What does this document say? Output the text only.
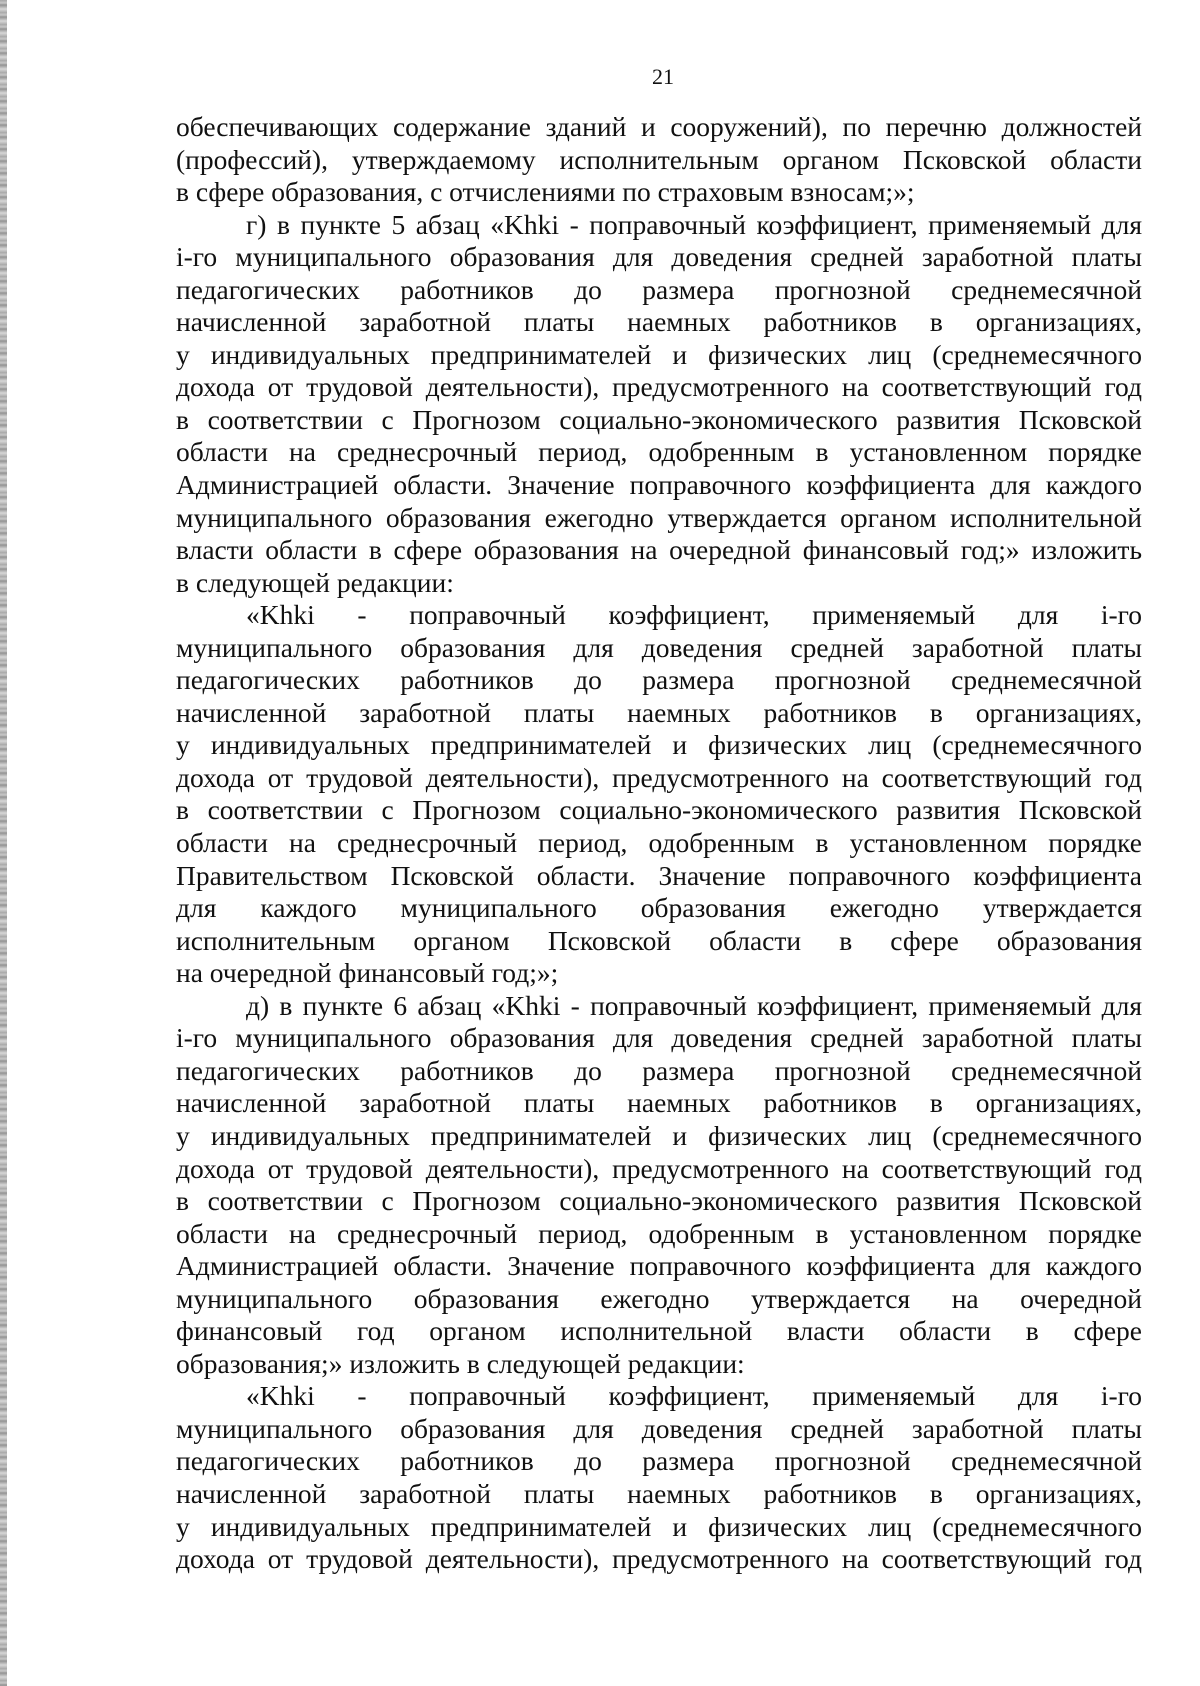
21
обеспечивающих содержание зданий и сооружений), по перечню должностей
(профессий), утверждаемому исполнительным органом Псковской области
в сфере образования, с отчислениями по страховым взносам;»;
г) в пункте 5 абзац «Khki - поправочный коэффициент, применяемый для
i-го муниципального образования для доведения средней заработной платы
педагогических работников до размера прогнозной среднемесячной
начисленной заработной платы наемных работников в организациях,
у индивидуальных предпринимателей и физических лиц (среднемесячного
дохода от трудовой деятельности), предусмотренного на соответствующий год
в соответствии с Прогнозом социально-экономического развития Псковской
области на среднесрочный период, одобренным в установленном порядке
Администрацией области. Значение поправочного коэффициента для каждого
муниципального образования ежегодно утверждается органом исполнительной
власти области в сфере образования на очередной финансовый год;» изложить
в следующей редакции:
«Khki - поправочный коэффициент, применяемый для i-го
муниципального образования для доведения средней заработной платы
педагогических работников до размера прогнозной среднемесячной
начисленной заработной платы наемных работников в организациях,
у индивидуальных предпринимателей и физических лиц (среднемесячного
дохода от трудовой деятельности), предусмотренного на соответствующий год
в соответствии с Прогнозом социально-экономического развития Псковской
области на среднесрочный период, одобренным в установленном порядке
Правительством Псковской области. Значение поправочного коэффициента
для каждого муниципального образования ежегодно утверждается
исполнительным органом Псковской области в сфере образования
на очередной финансовый год;»;
д) в пункте 6 абзац «Khki - поправочный коэффициент, применяемый для
i-го муниципального образования для доведения средней заработной платы
педагогических работников до размера прогнозной среднемесячной
начисленной заработной платы наемных работников в организациях,
у индивидуальных предпринимателей и физических лиц (среднемесячного
дохода от трудовой деятельности), предусмотренного на соответствующий год
в соответствии с Прогнозом социально-экономического развития Псковской
области на среднесрочный период, одобренным в установленном порядке
Администрацией области. Значение поправочного коэффициента для каждого
муниципального образования ежегодно утверждается на очередной
финансовый год органом исполнительной власти области в сфере
образования;» изложить в следующей редакции:
«Khki - поправочный коэффициент, применяемый для i-го
муниципального образования для доведения средней заработной платы
педагогических работников до размера прогнозной среднемесячной
начисленной заработной платы наемных работников в организациях,
у индивидуальных предпринимателей и физических лиц (среднемесячного
дохода от трудовой деятельности), предусмотренного на соответствующий год
